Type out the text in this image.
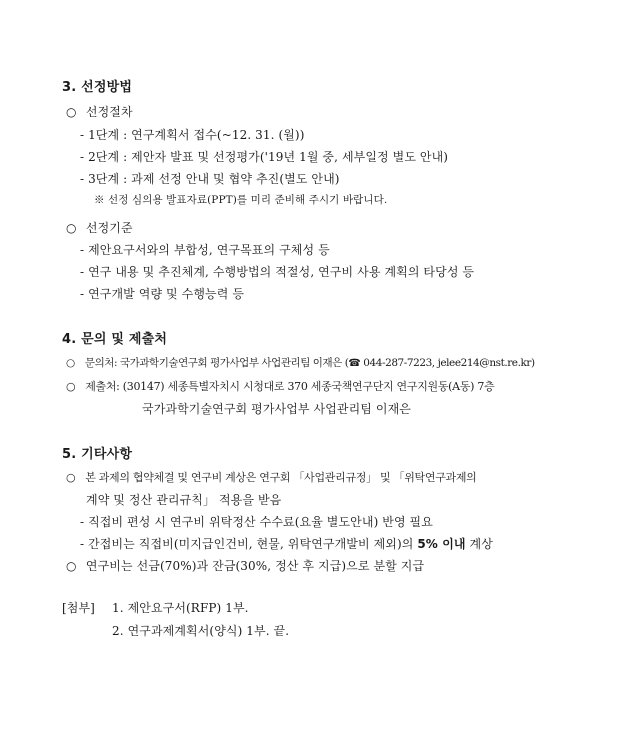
3. 선정방법
○ 선정절차
- 1단계 : 연구계획서 접수(~12. 31. (월))
- 2단계 : 제안자 발표 및 선정평가('19년 1월 중, 세부일정 별도 안내)
- 3단계 : 과제 선정 안내 및 협약 추진(별도 안내)
※ 선정 심의용 발표자료(PPT)를 미리 준비해 주시기 바랍니다.
○ 선정기준
- 제안요구서와의 부합성, 연구목표의 구체성 등
- 연구 내용 및 추진체계, 수행방법의 적절성, 연구비 사용 계획의 타당성 등
- 연구개발 역량 및 수행능력 등
4. 문의 및 제출처
○ 문의처: 국가과학기술연구회 평가사업부 사업관리팀 이재은 (☎ 044-287-7223, jelee214@nst.re.kr)
○ 제출처: (30147) 세종특별자치시 시청대로 370 세종국책연구단지 연구지원동(A동) 7층
국가과학기술연구회 평가사업부 사업관리팀 이재은
5. 기타사항
○ 본 과제의 협약체결 및 연구비 계상은 연구회 「사업관리규정」 및 「위탁연구과제의
계약 및 정산 관리규칙」 적용을 받음
- 직접비 편성 시 연구비 위탁정산 수수료(요율 별도안내) 반영 필요
- 간접비는 직접비(미지급인건비, 현물, 위탁연구개발비 제외)의 5% 이내 계상
○ 연구비는 선금(70%)과 잔금(30%, 정산 후 지급)으로 분할 지급
[첨부] 1. 제안요구서(RFP) 1부.
2. 연구과제계획서(양식) 1부. 끝.
